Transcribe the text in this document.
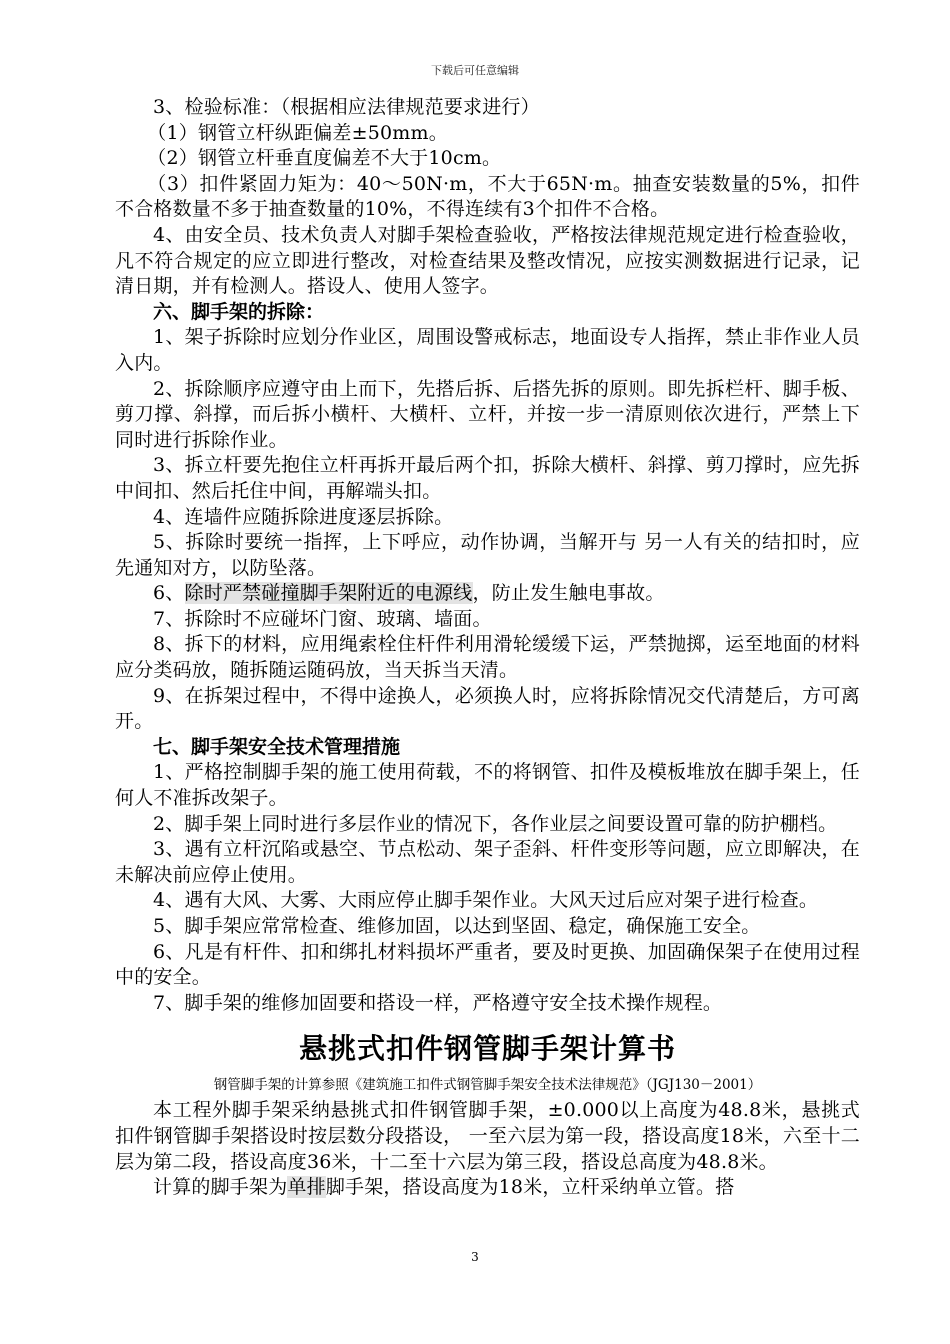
下载后可任意编辑

3、检验标准：（根据相应法律规范要求进行）

（1）钢管立杆纵距偏差±50mm。

（2）钢管立杆垂直度偏差不大于10cm。

（3）扣件紧固力矩为：40～50N·m，不大于65N·m。抽查安装数量的5%，扣件不合格数量不多于抽查数量的10%，不得连续有3个扣件不合格。

4、由安全员、技术负责人对脚手架检查验收，严格按法律规范规定进行检查验收，凡不符合规定的应立即进行整改，对检查结果及整改情况，应按实测数据进行记录，记清日期，并有检测人。搭设人、使用人签字。

六、脚手架的拆除：

1、架子拆除时应划分作业区，周围设警戒标志，地面设专人指挥，禁止非作业人员入内。

2、拆除顺序应遵守由上而下，先搭后拆、后搭先拆的原则。即先拆栏杆、脚手板、剪刀撑、斜撑，而后拆小横杆、大横杆、立杆，并按一步一清原则依次进行，严禁上下同时进行拆除作业。

3、拆立杆要先抱住立杆再拆开最后两个扣，拆除大横杆、斜撑、剪刀撑时，应先拆中间扣、然后托住中间，再解端头扣。

4、连墙件应随拆除进度逐层拆除。

5、拆除时要统一指挥，上下呼应，动作协调，当解开与 另一人有关的结扣时，应先通知对方，以防坠落。

6、除时严禁碰撞脚手架附近的电源线，防止发生触电事故。

7、拆除时不应碰坏门窗、玻璃、墙面。

8、拆下的材料，应用绳索栓住杆件利用滑轮缓缓下运，严禁抛掷，运至地面的材料应分类码放，随拆随运随码放，当天拆当天清。

9、在拆架过程中，不得中途换人，必须换人时，应将拆除情况交代清楚后，方可离开。

七、脚手架安全技术管理措施

1、严格控制脚手架的施工使用荷载，不的将钢管、扣件及模板堆放在脚手架上，任何人不准拆改架子。

2、脚手架上同时进行多层作业的情况下，各作业层之间要设置可靠的防护棚档。

3、遇有立杆沉陷或悬空、节点松动、架子歪斜、杆件变形等问题，应立即解决，在未解决前应停止使用。

4、遇有大风、大雾、大雨应停止脚手架作业。大风天过后应对架子进行检查。

5、脚手架应常常检查、维修加固，以达到坚固、稳定，确保施工安全。

6、凡是有杆件、扣和绑扎材料损坏严重者，要及时更换、加固确保架子在使用过程中的安全。

7、脚手架的维修加固要和搭设一样，严格遵守安全技术操作规程。

悬挑式扣件钢管脚手架计算书
钢管脚手架的计算参照《建筑施工扣件式钢管脚手架安全技术法律规范》（JGJ130－2001）

本工程外脚手架采纳悬挑式扣件钢管脚手架，±0.000以上高度为48.8米，悬挑式扣件钢管脚手架搭设时按层数分段搭设， 一至六层为第一段，搭设高度18米，六至十二层为第二段，搭设高度36米，十二至十六层为第三段，搭设总高度为48.8米。

计算的脚手架为单排脚手架，搭设高度为18米，立杆采纳单立管。搭

3
